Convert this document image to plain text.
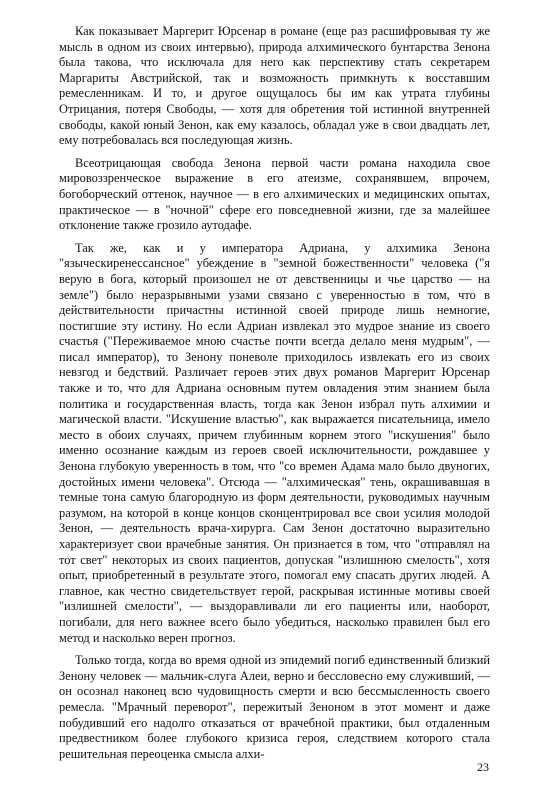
Как показывает Маргерит Юрсенар в романе (еще раз расшифровывая ту же мысль в одном из своих интервью), природа алхимического бунтарства Зенона была такова, что исключала для него как перспективу стать секретарем Маргариты Австрийской, так и возможность примкнуть к восставшим ремесленникам. И то, и другое ощущалось бы им как утрата глубины Отрицания, потеря Свободы, — хотя для обретения той истинной внутренней свободы, какой юный Зенон, как ему казалось, обладал уже в свои двадцать лет, ему потребовалась вся последующая жизнь.

Всеотрицающая свобода Зенона первой части романа находила свое мировоззренческое выражение в его атеизме, сохранявшем, впрочем, богоборческий оттенок, научное — в его алхимических и медицинских опытах, практическое — в "ночной" сфере его повседневной жизни, где за малейшее отклонение также грозило аутодафе.

Так же, как и у императора Адриана, у алхимика Зенона "языческиренессансное" убеждение в "земной божественности" человека ("я верую в бога, который произошел не от девственницы и чье царство — на земле") было неразрывными узами связано с уверенностью в том, что в действительности причастны истинной своей природе лишь немногие, постигшие эту истину. Но если Адриан извлекал это мудрое знание из своего счастья ("Переживаемое мною счастье почти всегда делало меня мудрым", — писал император), то Зенону поневоле приходилось извлекать его из своих невзгод и бедствий. Различает героев этих двух романов Маргерит Юрсенар также и то, что для Адриана основным путем овладения этим знанием была политика и государственная власть, тогда как Зенон избрал путь алхимии и магической власти. "Искушение властью", как выражается писательница, имело место в обоих случаях, причем глубинным корнем этого "искушения" было именно осознание каждым из героев своей исключительности, рождавшее у Зенона глубокую уверенность в том, что "со времен Адама мало было двуногих, достойных имени человека". Отсюда — "алхимическая" тень, окрашивавшая в темные тона самую благородную из форм деятельности, руководимых научным разумом, на которой в конце концов сконцентрировал все свои усилия молодой Зенон, — деятельность врача-хирурга. Сам Зенон достаточно выразительно характеризует свои врачебные занятия. Он признается в том, что "отправлял на тот свет" некоторых из своих пациентов, допуская "излишнюю смелость", хотя опыт, приобретенный в результате этого, помогал ему спасать других людей. А главное, как честно свидетельствует герой, раскрывая истинные мотивы своей "излишней смелости", — выздоравливали ли его пациенты или, наоборот, погибали, для него важнее всего было убедиться, насколько правилен был его метод и насколько верен прогноз.

Только тогда, когда во время одной из эпидемий погиб единственный близкий Зенону человек — мальчик-слуга Алеи, верно и бессловесно ему служивший, — он осознал наконец всю чудовищность смерти и всю бессмысленность своего ремесла. "Мрачный переворот", пережитый Зеноном в этот момент и даже побудивший его надолго отказаться от врачебной практики, был отдаленным предвестником более глубокого кризиса героя, следствием которого стала решительная переоценка смысла алхи-

23
